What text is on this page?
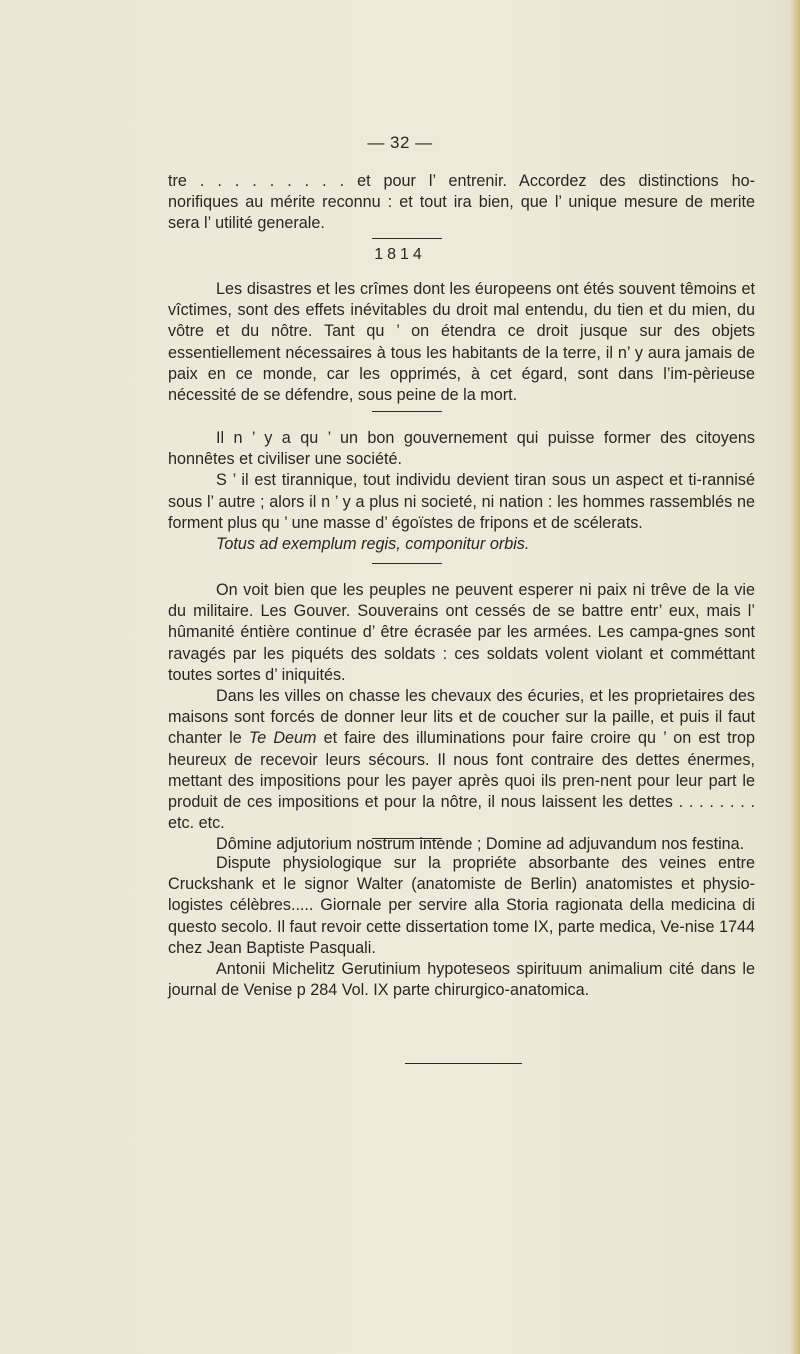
— 32 —

tre . . . . . . . . . et pour l’ entrenir. Accordez des distinctions ho-

norifiques au mérite reconnu : et tout ira bien, que l’ unique mesure de merite

sera l’ utilité generale.

1814

Les disastres et les crîmes dont les éuropeens ont étés souvent têmoins et vîctimes, sont des effets inévitables du droit mal entendu, du tien et du mien, du vôtre et du nôtre. Tant qu ’ on étendra ce droit jusque sur des objets essentiellement nécessaires à tous les habitants de la terre, il n’ y aura jamais de paix en ce monde, car les opprimés, à cet égard, sont dans l’im-pèrieuse nécessité de se défendre, sous peine de la mort.

Il n ’ y a qu ’ un bon gouvernement qui puisse former des citoyens honnêtes et civiliser une société.

S ’ il est tirannique, tout individu devient tiran sous un aspect et ti-rannisé sous l’ autre ; alors il n ’ y a plus ni societé, ni nation : les hommes rassemblés ne forment plus qu ’ une masse d’ égoïstes de fripons et de scélerats.

Totus ad exemplum regis, componitur orbis.

On voit bien que les peuples ne peuvent esperer ni paix ni trêve de la vie du militaire. Les Gouver. Souverains ont cessés de se battre entr’ eux, mais l’ hûmanité éntière continue d’ être écrasée par les armées. Les campa-gnes sont ravagés par les piquéts des soldats : ces soldats volent violant et comméttant toutes sortes d’ iniquités.

Dans les villes on chasse les chevaux des écuries, et les proprietaires des maisons sont forcés de donner leur lits et de coucher sur la paille, et puis il faut chanter le Te Deum et faire des illuminations pour faire croire qu ’ on est trop heureux de recevoir leurs sécours. Il nous font contraire des dettes énermes, mettant des impositions pour les payer après quoi ils pren-nent pour leur part le produit de ces impositions et pour la nôtre, il nous laissent les dettes . . . . . . . . etc. etc.

Dômine adjutorium nostrum intende ; Domine ad adjuvandum nos festina.

Dispute physiologique sur la propriéte absorbante des veines entre Cruckshank et le signor Walter (anatomiste de Berlin) anatomistes et physio-logistes célèbres..... Giornale per servire alla Storia ragionata della medicina di questo secolo. Il faut revoir cette dissertation tome IX, parte medica, Ve-nise 1744 chez Jean Baptiste Pasquali.

Antonii Michelitz Gerutinium hypoteseos spirituum animalium cité dans le journal de Venise p 284 Vol. IX parte chirurgico-anatomica.
